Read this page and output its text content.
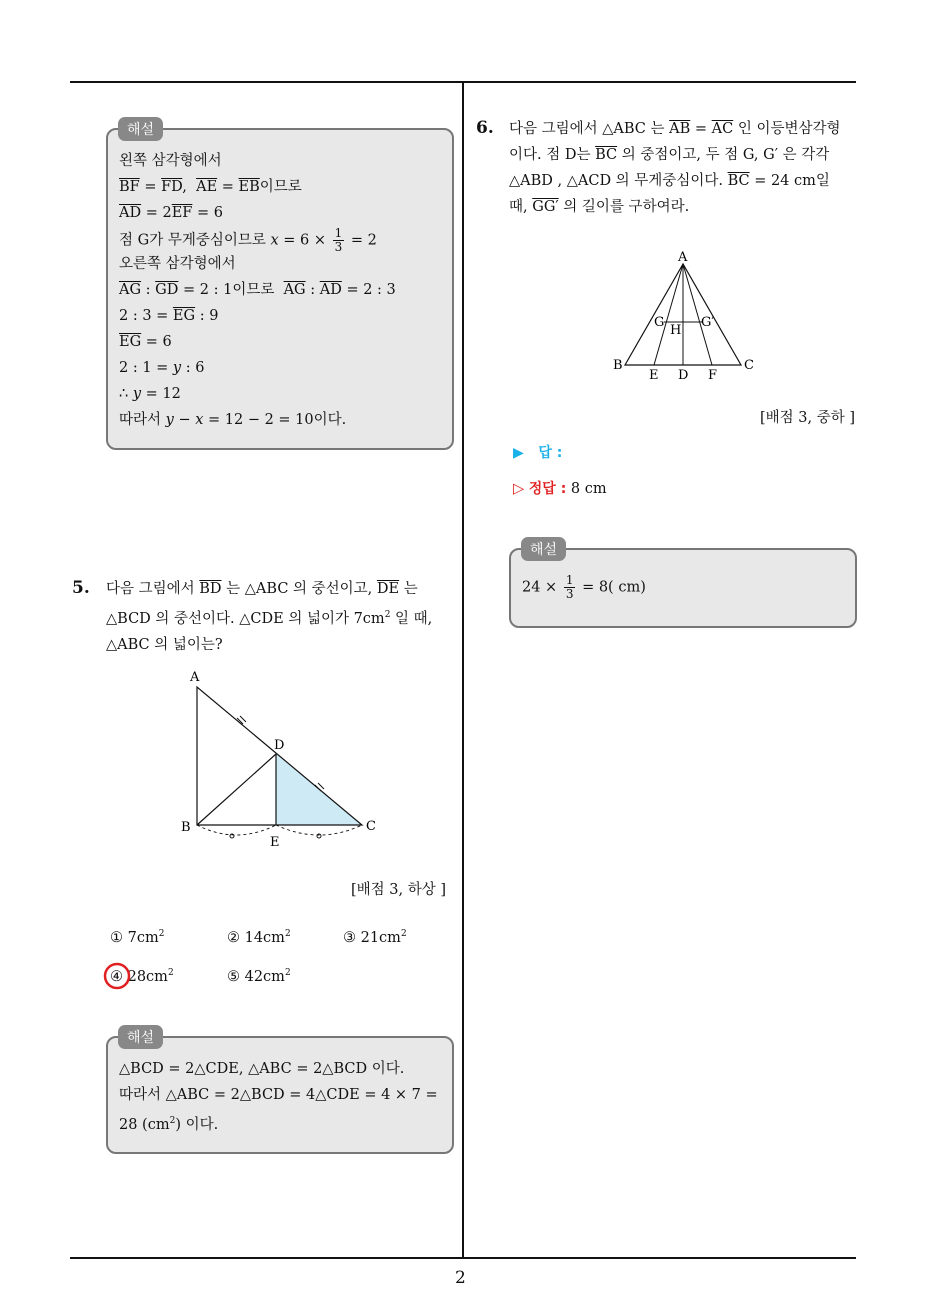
2
왼쪽 삼각형에서
$\overline{BF} = \overline{FD}$,  $\overline{AE} = \overline{EB}$이므로
$\overline{AD} = 2\overline{EF} = 6$
점 G가 무게중심이므로 $x = 6 \times \frac{1}{3} = 2$
오른쪽 삼각형에서
$\overline{AG}$ : $\overline{GD} = 2$ : 1이므로  $\overline{AG}$ : $\overline{AD} = 2$ : 3
2 : $3 = \overline{EG}$ : 9
$\overline{EG} = 6$
2 : 1 = y : 6
∴ y = 12
따라서 y − x = 12 − 2 = 10이다.
해설
5. 다음 그림에서 $\overline{BD}$ 는 △ABC 의 중선이고, $\overline{DE}$ 는
△BCD 의 중선이다. △CDE 의 넓이가 $7cm^2$ 일 때,
△ABC 의 넓이는?
A
B	C
D
E
[배점 3, 하상 ]
① $7cm^2$	② $14cm^2$	③ $21cm^2$
④ $28cm^2$	⑤ $42cm^2$
△BCD = 2△CDE, △ABC = 2△BCD 이다.
따라서 △ABC = 2△BCD = 4△CDE = 4 × 7 =
28 $(cm^2)$ 이다.
해설
6. 다음 그림에서 △ABC 는 $\overline{AB} = \overline{AC}$ 인 이등변삼각형
이다. 점 D는 $\overline{BC}$ 의 중점이고, 두 점 G, G′ 은 각각
△ABD , △ACD 의 무게중심이다. $\overline{BC} = 24$ cm일
때, GG′ 의 길이를 구하여라.
A
B	C
D
E	F
G	G′
H
[배점 3, 중하 ]
▶ 답 :
▷ 정답 : 8 cm
$24 \times \frac{1}{3} = 8$( cm)
해설
